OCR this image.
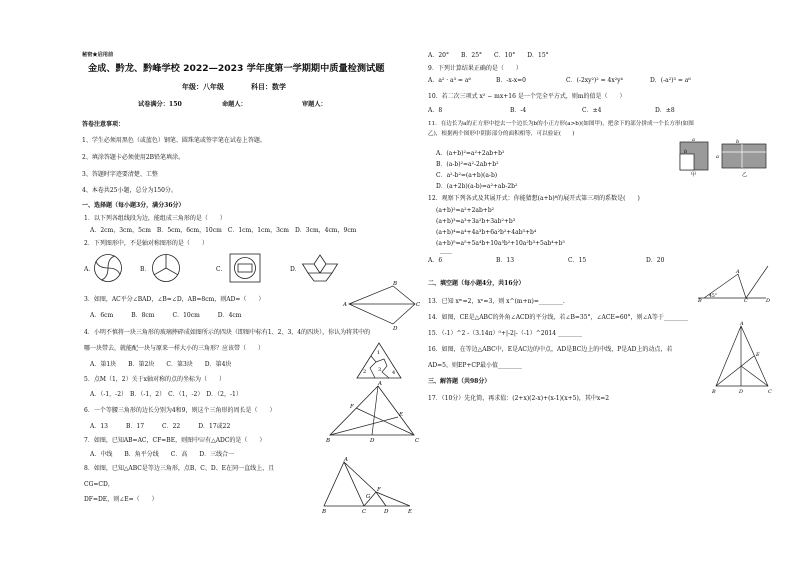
秘密★启用前
金成、黔龙、黔峰学校 2022—2023 学年度第一学期期中质量检测试题
年级：八年级	科目：数学
试卷满分：150	命题人：	审题人：
答卷注意事项：
1、学生必须用黑色（或蓝色）钢笔、圆珠笔或签字笔在试卷上答题。
2、填涂答题卡必须使用2B铅笔填涂。
3、答题时字迹要清楚、工整
4、本卷共25小题，总分为150分。
一、选择题（每小题3分，满分36分）
1．以下列各组线段为边，能组成三角形的是（　　）
A．2cm，3cm，5cm　B．5cm，6cm，10cm　C．1cm，1cm，3cm　D．3cm，4cm，9cm
2．下列图形中，不是轴对称图形的是（　　）
A．	B．	C．	D．
3．如图，AC平分∠BAD，∠B=∠D，AB=8cm，则AD=（　　）
A．6cm　　　B．8cm　　　C．10cm　　　D．4cm
A
B
C
D
4．小明不慎将一块三角形的玻璃摔碎成如图所示的四块（即图中标有1、2、3、4的四块），你认为将其中的
哪一块带去，就能配一块与原来一样大小的三角形？应该带（　　）
A．第1块　　B．第2块　　C．第3块　　D．第4块
1
2 3 4
5．点M（1，2）关于x轴对称的点的坐标为（　　）
A．（-1，-2）　B．（-1，2）　C．（1，-2）　D．（2，-1）
6．一个等腰三角形的边长分别为4和9，则这个三角形的周长是（　　）
A．13　　　B．17　　　C．22　　　D．17或22
A
B	C
D
E
F
7．如图，已知AB=AC，CF=BE，则图中≌有△ADC的是（　　）
A．中线　　B．角平分线　　C．高　　D．三线合一
8．如图，已知△ABC是等边三角形，点B、C、D、E在同一直线上，且
CG=CD，
DF=DE，则∠E=（　　）
A
B	C	D	E
F
G
A．20°　　B．25°　　C．10°　　D．15°
9．下列计算结果正确的是（　　）
A．a² · a³ = a⁶	B．-x-x=0	C．(-2xy²)² = 4x²y⁴	D．(-a²)³ = a⁶
10．若二次三项式 x² − mx+16 是一个完全平方式，则m的值是（　　）
A．8	B．-4	C．±4	D．±8
11．在边长为a的正方形中挖去一个边长为b的小正方形(a>b)(如图甲)，把余下的部分拼成一个长方形(如图
乙)，根据两个图形中阴影部分的面积相等，可以验证(　　)
A．(a+b)²=a²+2ab+b²
B．(a-b)²=a²-2ab+b²
C．a²-b²=(a+b)(a-b)
D．(a+2b)(a-b)=a²+ab-2b²
a
b
b
a
甲	乙
12．观察下列各式及其展开式：你能猜想(a+b)⁶的展开式第三项的系数是(　　)
(a+b)²=a²+2ab+b²
(a+b)³=a³+3a²b+3ab²+b³
(a+b)⁴=a⁴+4a³b+6a²b²+4ab³+b⁴
(a+b)⁵=a⁵+5a⁴b+10a³b²+10a²b³+5ab⁴+b⁵
……
A．6	B．13	C．15	D．20
二、填空题（每小题4分，共16分）
45°
A
B	C	D
13．已知 xᵐ=2，xⁿ=3，则 x^(m+n)=________.
14．如图，CE是△ABC的外角∠ACD的平分线，若∠B=35°，∠ACE=60°，则∠A等于________
15．（-1）^2 -（3.14π）⁰+|-2|-（-1）^2014 ________
16．如图，在等边△ABC中，E是AC边的中点，AD是BC边上的中线，P是AD上的动点，若
AD=5，则EP+CP最小值________
A
B	C
D
E
三、解答题（共98分）
17．（10分）先化简，再求值：(2+x)(2-x)+(x-1)(x+5)，其中x=2
